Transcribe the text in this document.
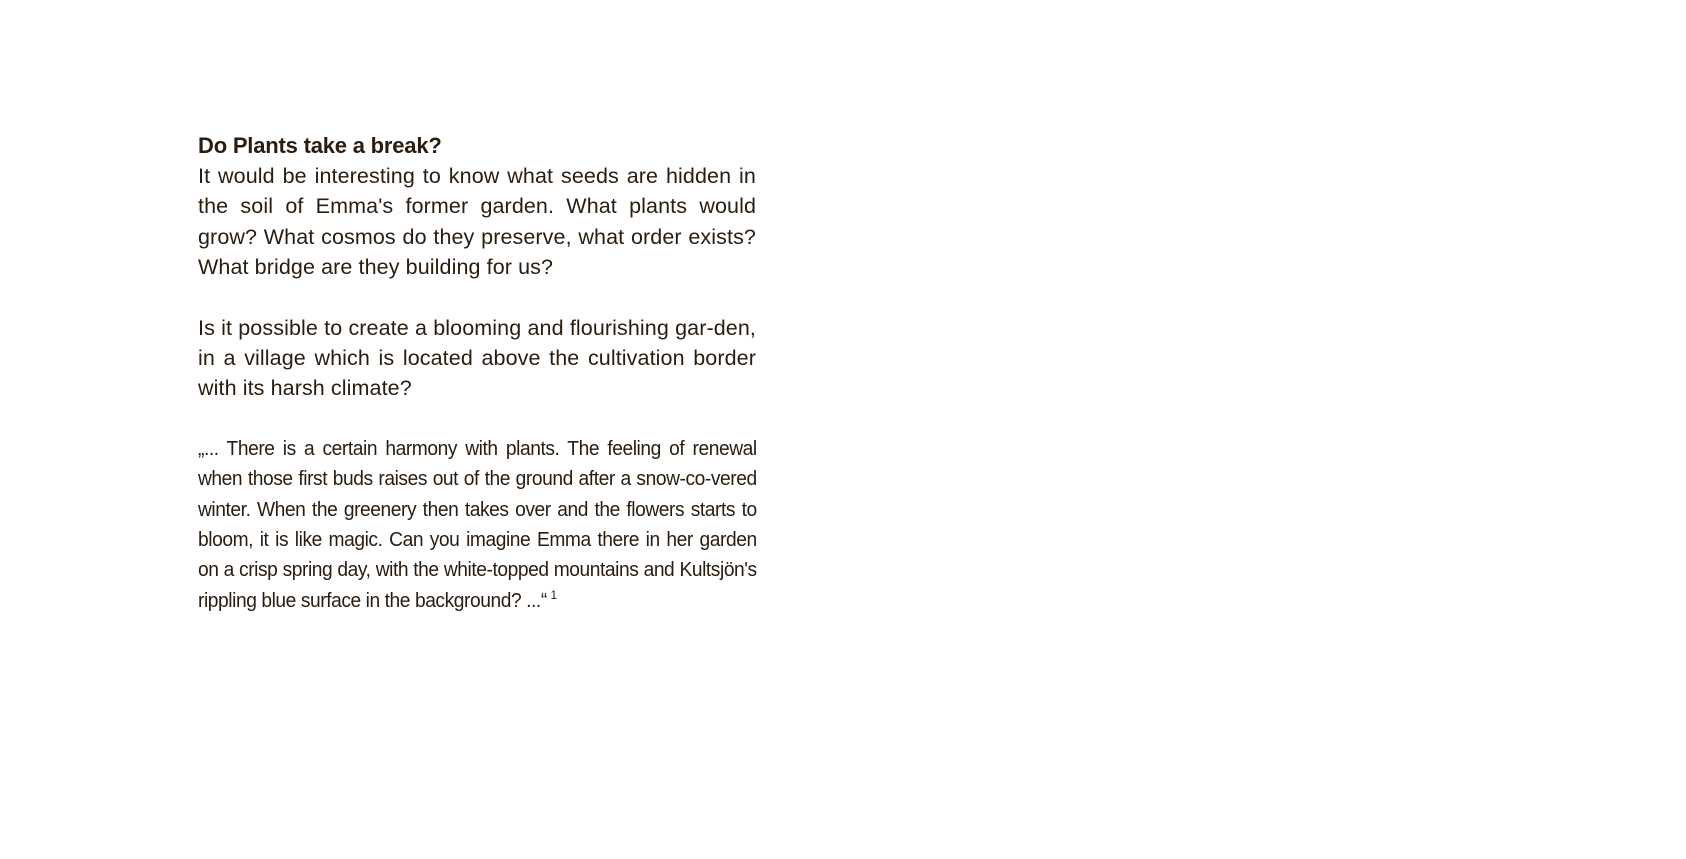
Do Plants take a break?

It would be interesting to know what seeds are hidden in the soil of Emma's former garden. What plants would grow? What cosmos do they preserve, what order exists? What bridge are they building for us?

Is it possible to create a blooming and flourishing gar-den, in a village which is located above the cultivation border with its harsh climate?

„... There is a certain harmony with plants. The feeling of renewal when those first buds raises out of the ground after a snow-co-vered winter. When the greenery then takes over and the flowers starts to bloom, it is like magic. Can you imagine Emma there in her garden on a crisp spring day, with the white-topped mountains and Kultsjön's rippling blue surface in the background? ...“ $^1$
